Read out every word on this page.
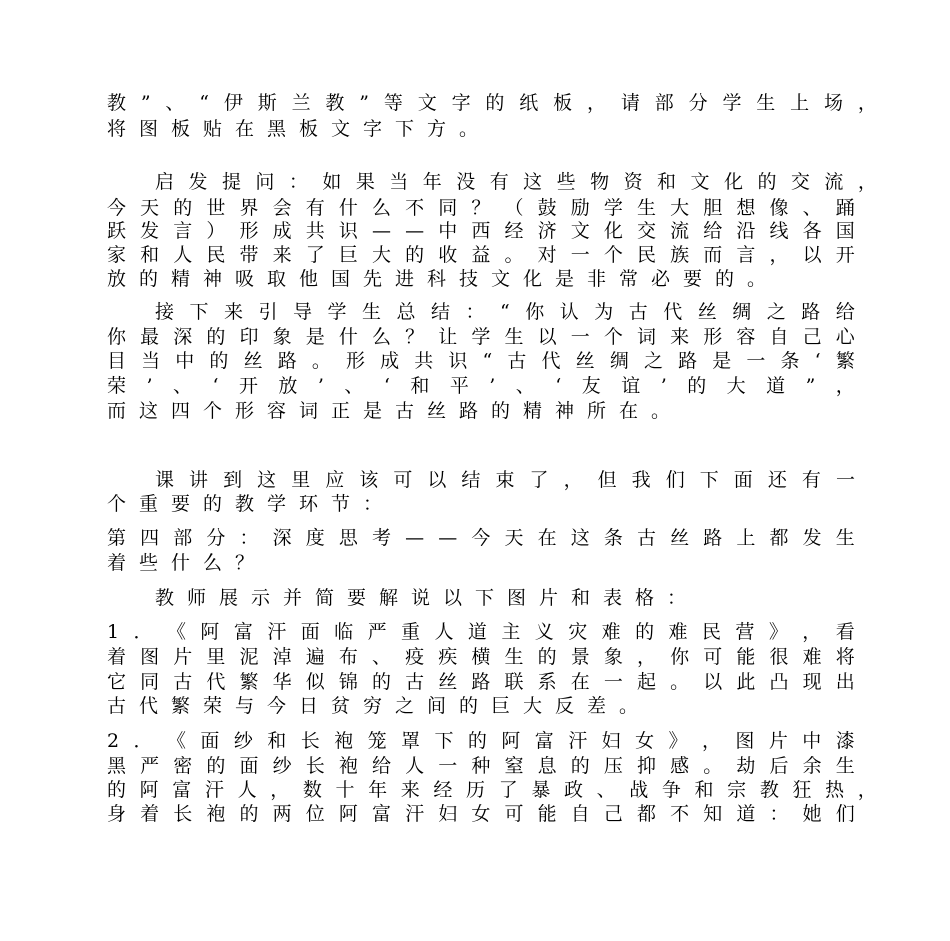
教 ” 、 “ 伊 斯 兰 教 ” 等 文 字 的 纸 板 ， 请 部 分 学 生 上 场 ，
将图板贴在黑板文字下方。
启 发 提 问 ： 如 果 当 年 没 有 这 些 物 资 和 文 化 的 交 流 ，
今 天 的 世 界 会 有 什 么 不 同 ？ （ 鼓 励 学 生 大 胆 想 像 、 踊
跃 发 言 ） 形 成 共 识 — — 中 西 经 济 文 化 交 流 给 沿 线 各 国
家 和 人 民 带 来 了 巨 大 的 收 益 。 对 一 个 民 族 而 言 ， 以 开
放的精神吸取他国先进科技文化是非常必要的。
接 下 来 引 导 学 生 总 结 ： “ 你 认 为 古 代 丝 绸 之 路 给
你 最 深 的 印 象 是 什 么 ？ 让 学 生 以 一 个 词 来 形 容 自 己 心
目 当 中 的 丝 路 。 形 成 共 识 “ 古 代 丝 绸 之 路 是 一 条 ‘ 繁
荣 ’ 、 ‘ 开 放 ’ 、 ‘ 和 平 ’ 、 ‘ 友 谊 ’ 的 大 道 ” ，
而这四个形容词正是古丝路的精神所在。
课 讲 到 这 里 应 该 可 以 结 束 了 ， 但 我 们 下 面 还 有 一
个重要的教学环节：
第 四 部 分 ： 深 度 思 考 — — 今 天 在 这 条 古 丝 路 上 都 发 生
着些什么？
教师展示并简要解说以下图片和表格：
1 ． 《 阿 富 汗 面 临 严 重 人 道 主 义 灾 难 的 难 民 营 》 ， 看
着 图 片 里 泥 淖 遍 布 、 疫 疾 横 生 的 景 象 ， 你 可 能 很 难 将
它 同 古 代 繁 华 似 锦 的 古 丝 路 联 系 在 一 起 。 以 此 凸 现 出
古代繁荣与今日贫穷之间的巨大反差。
2 ． 《 面 纱 和 长 袍 笼 罩 下 的 阿 富 汗 妇 女 》 ， 图 片 中 漆
黑 严 密 的 面 纱 长 袍 给 人 一 种 窒 息 的 压 抑 感 。 劫 后 余 生
的 阿 富 汗 人 ， 数 十 年 来 经 历 了 暴 政 、 战 争 和 宗 教 狂 热 ，
身 着 长 袍 的 两 位 阿 富 汗 妇 女 可 能 自 己 都 不 知 道 ： 她 们
